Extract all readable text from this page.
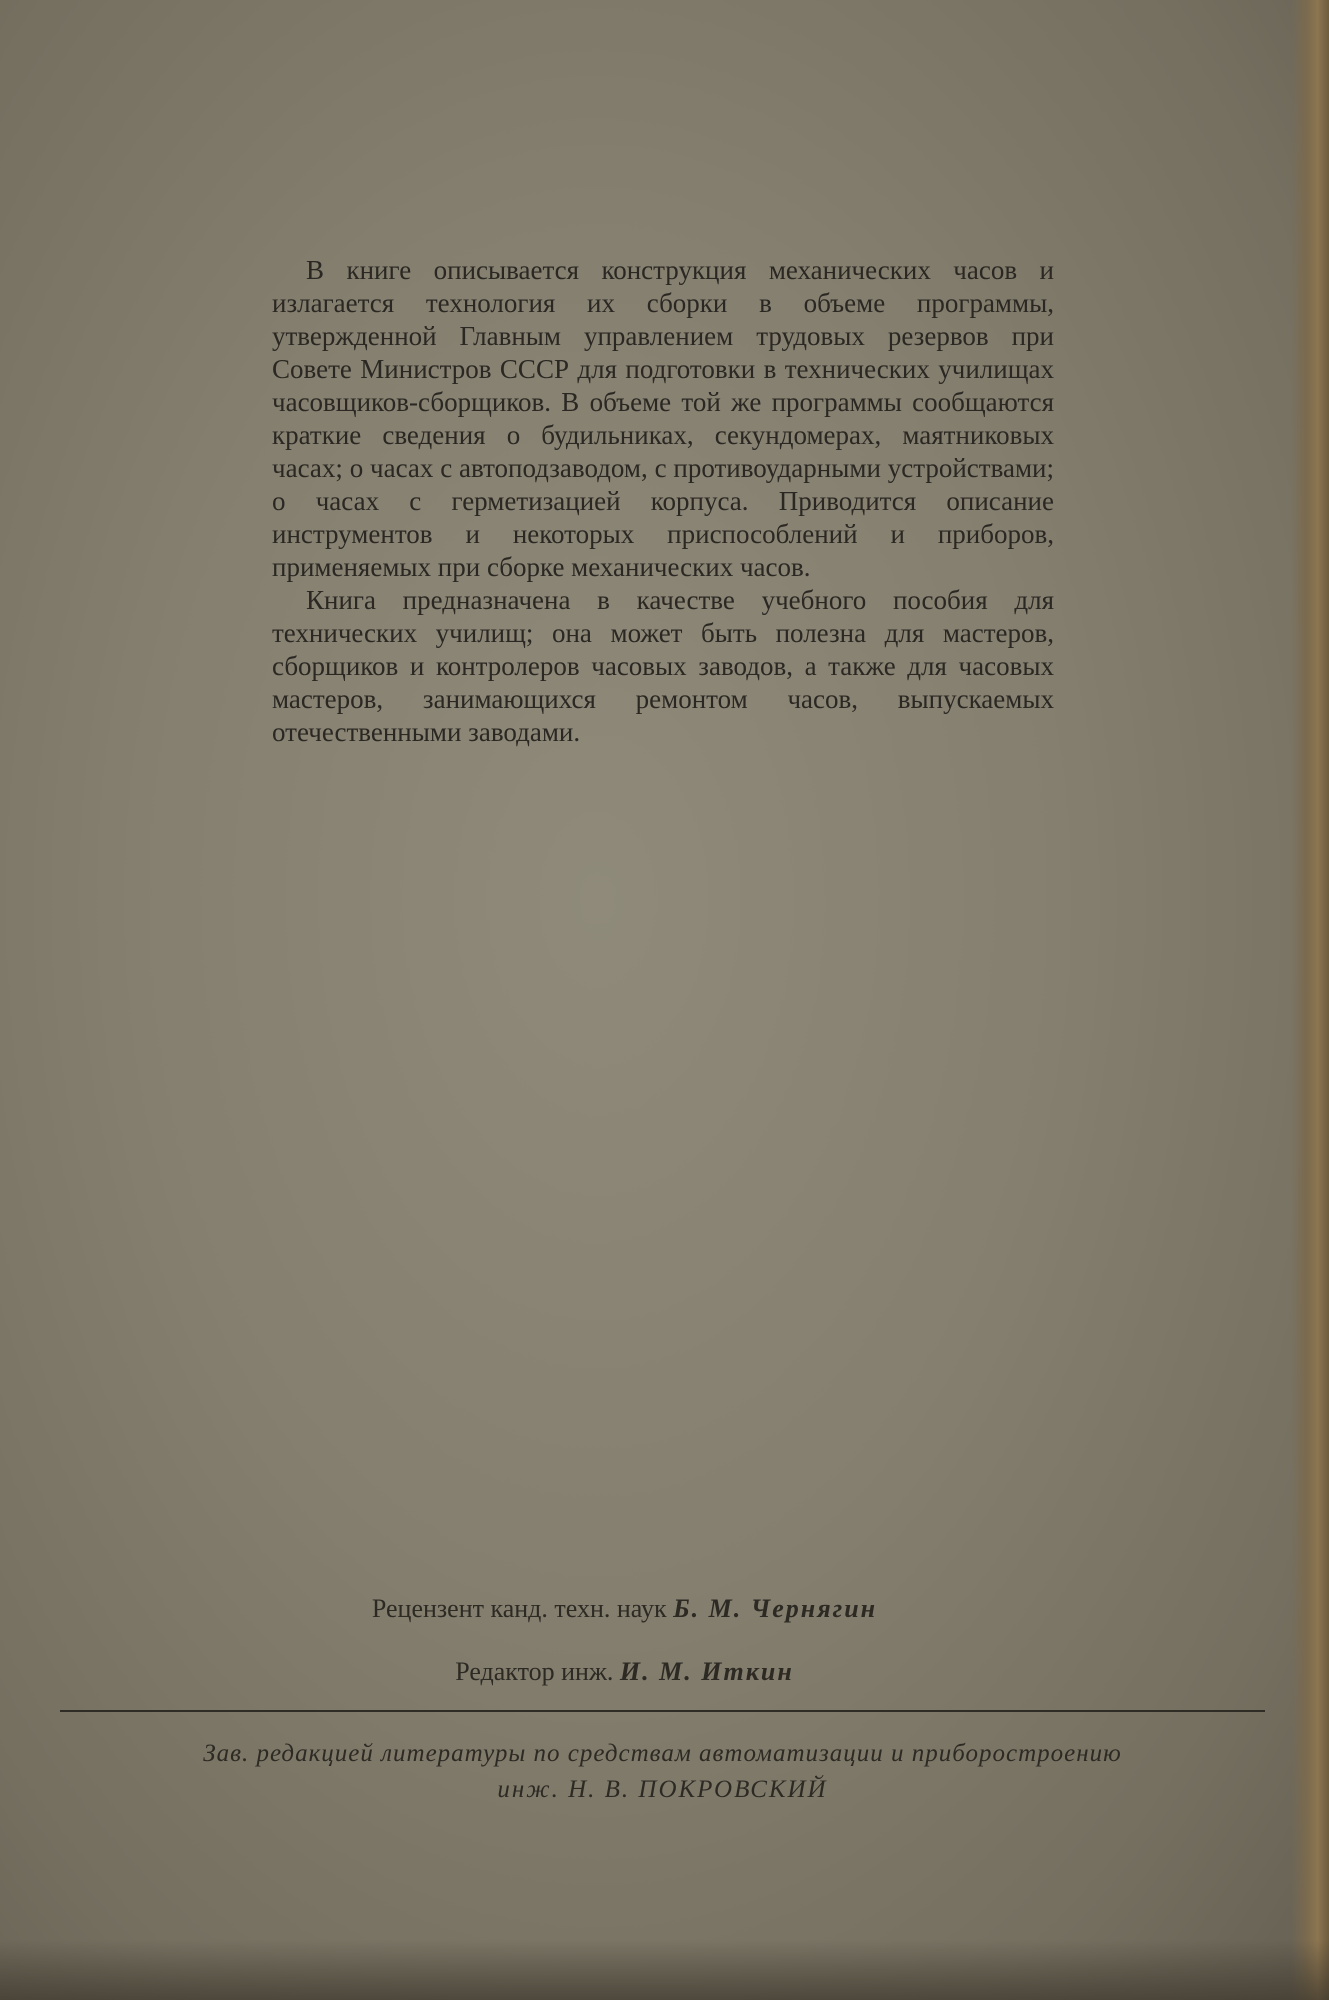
В книге описывается конструкция механических часов и излагается технология их сборки в объеме программы, утвержденной Главным управлением трудовых резервов при Совете Министров СССР для подготовки в технических училищах часовщиков-сборщиков. В объеме той же программы сообщаются краткие сведения о будильниках, секундомерах, маятниковых часах; о часах с автоподзаводом, с противоударными устройствами; о часах с герметизацией корпуса. Приводится описание инструментов и некоторых приспособлений и приборов, применяемых при сборке механических часов.

Книга предназначена в качестве учебного пособия для технических училищ; она может быть полезна для мастеров, сборщиков и контролеров часовых заводов, а также для часовых мастеров, занимающихся ремонтом часов, выпускаемых отечественными заводами.

Рецензент канд. техн. наук Б. М. Чернягин
Редактор инж. И. М. Иткин
Зав. редакцией литературы по средствам автоматизации и приборостроению
инж. Н. В. ПОКРОВСКИЙ
